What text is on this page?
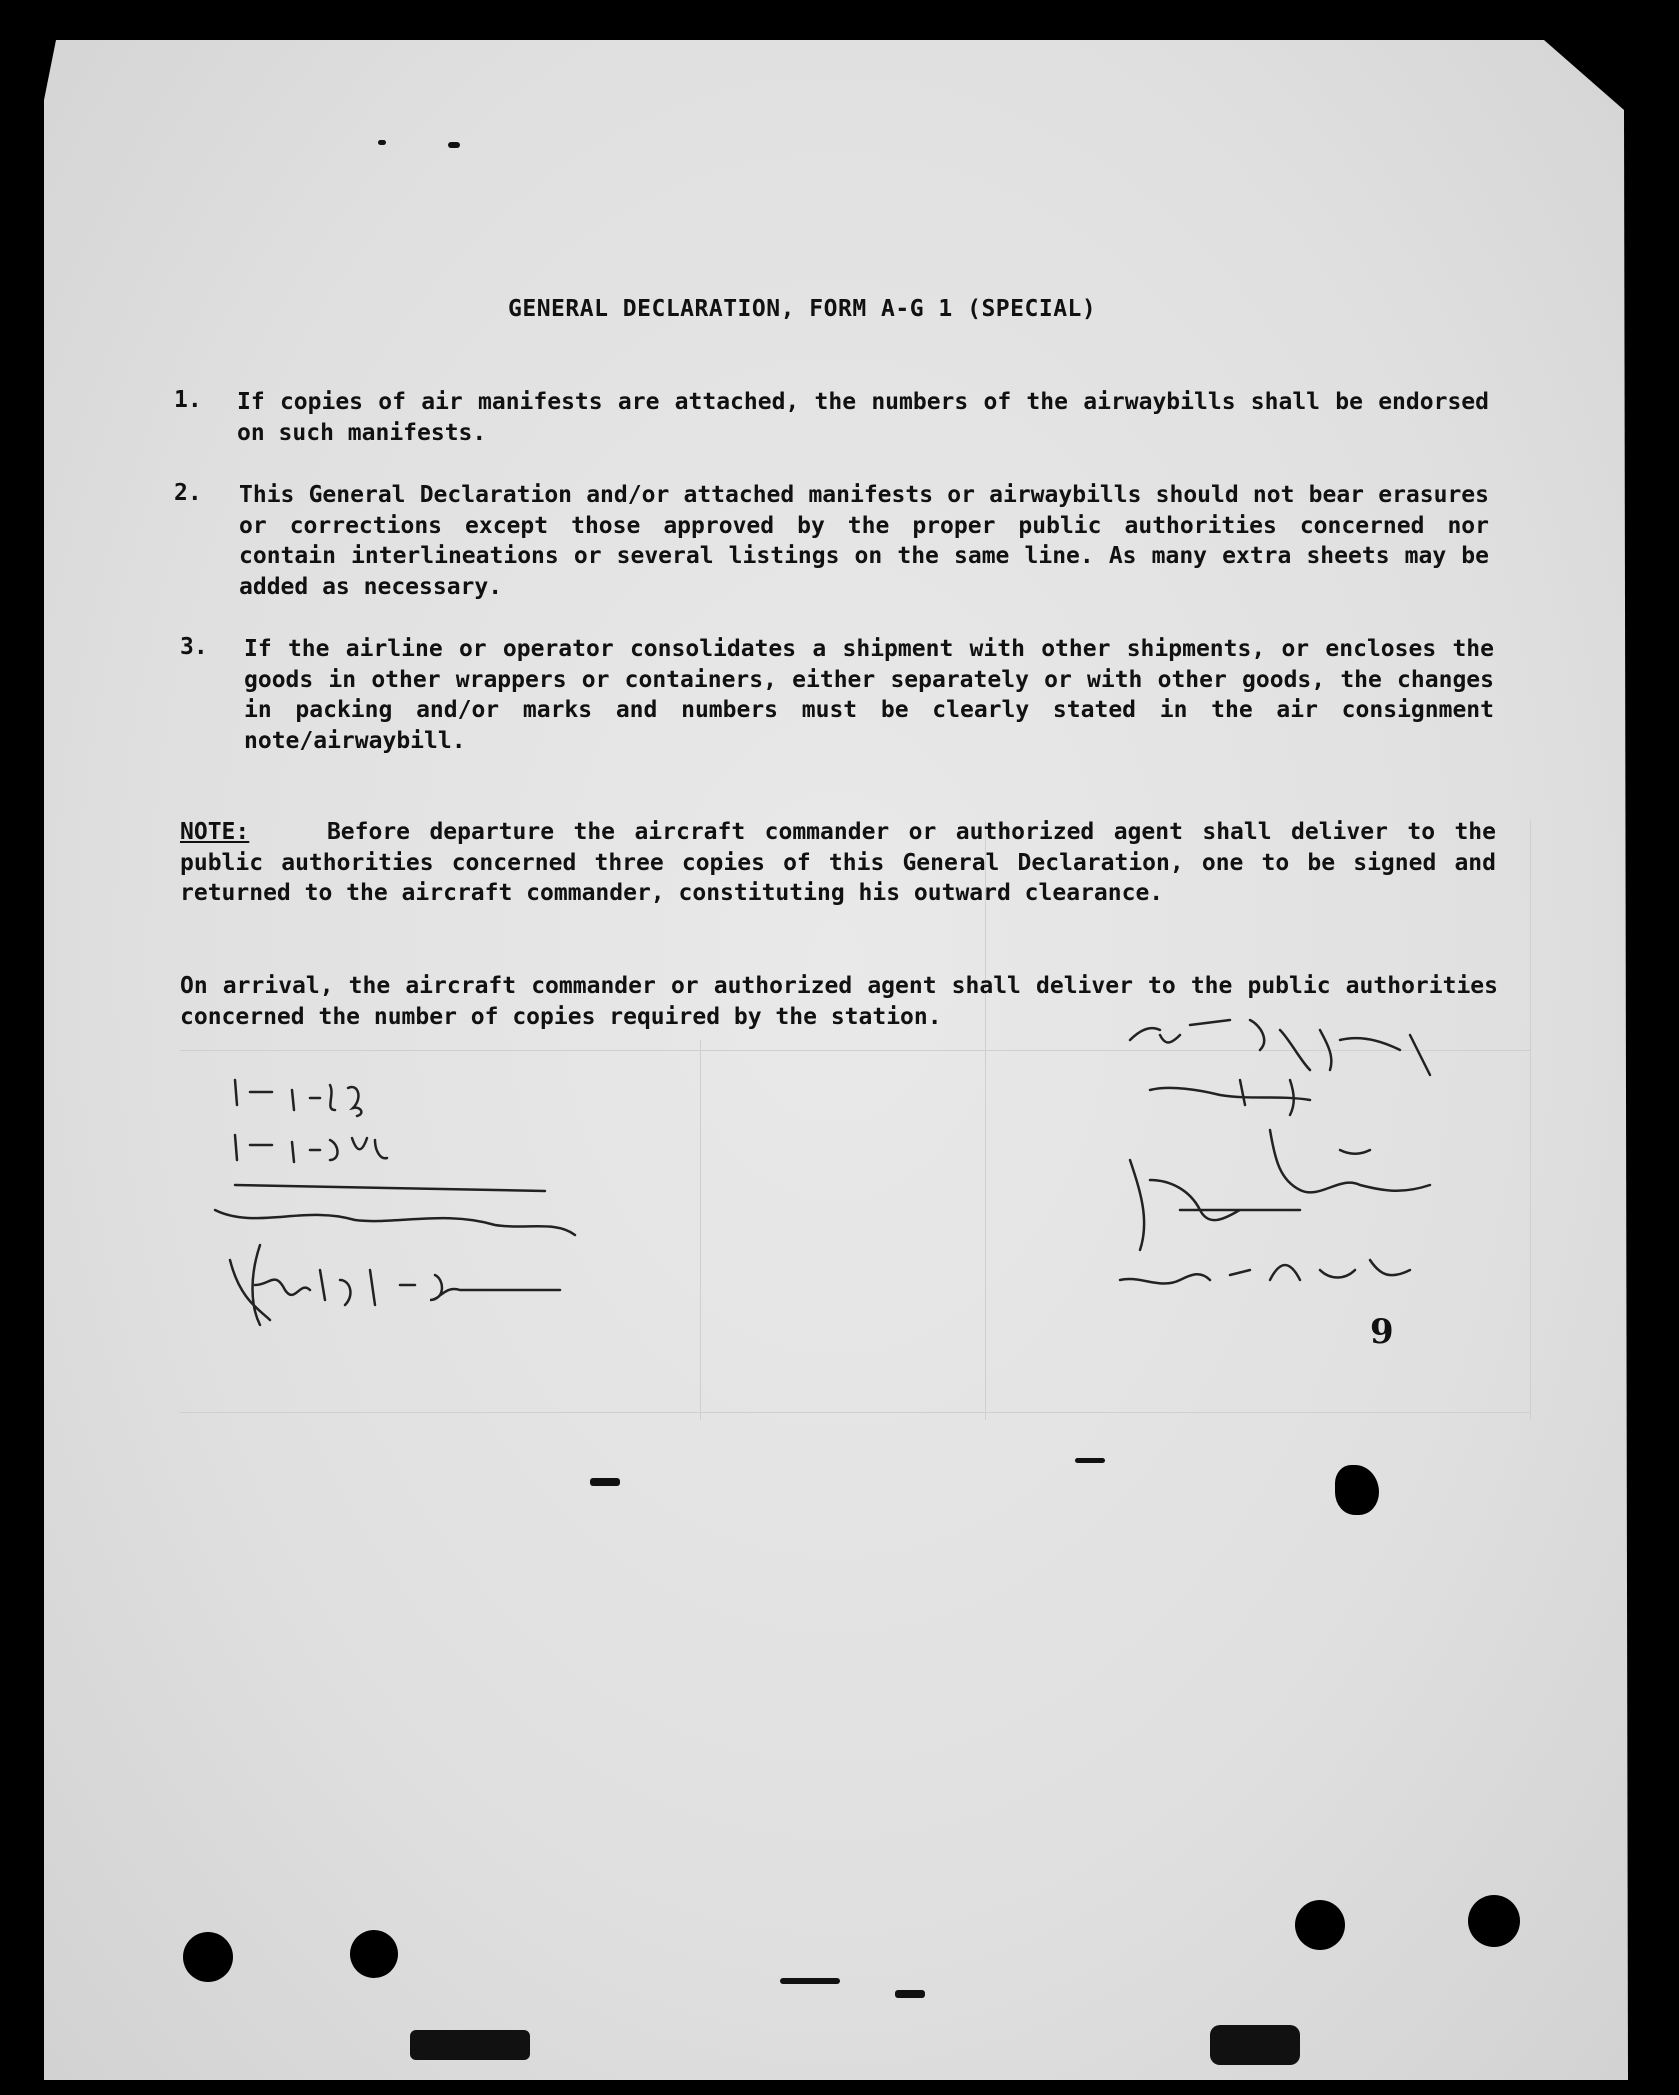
GENERAL DECLARATION, FORM A-G 1 (SPECIAL)
1. If copies of air manifests are attached, the numbers of the airwaybills shall be endorsed on such manifests.
2. This General Declaration and/or attached manifests or airwaybills should not bear erasures or corrections except those approved by the proper public authorities concerned nor contain interlineations or several listings on the same line. As many extra sheets may be added as necessary.
3. If the airline or operator consolidates a shipment with other shipments, or encloses the goods in other wrappers or containers, either separately or with other goods, the changes in packing and/or marks and numbers must be clearly stated in the air consignment note/airwaybill.
NOTE:	Before departure the aircraft commander or authorized agent shall deliver to the public authorities concerned three copies of this General Declaration, one to be signed and returned to the aircraft commander, constituting his outward clearance.
On arrival, the aircraft commander or authorized agent shall deliver to the public authorities concerned the number of copies required by the station.
9
